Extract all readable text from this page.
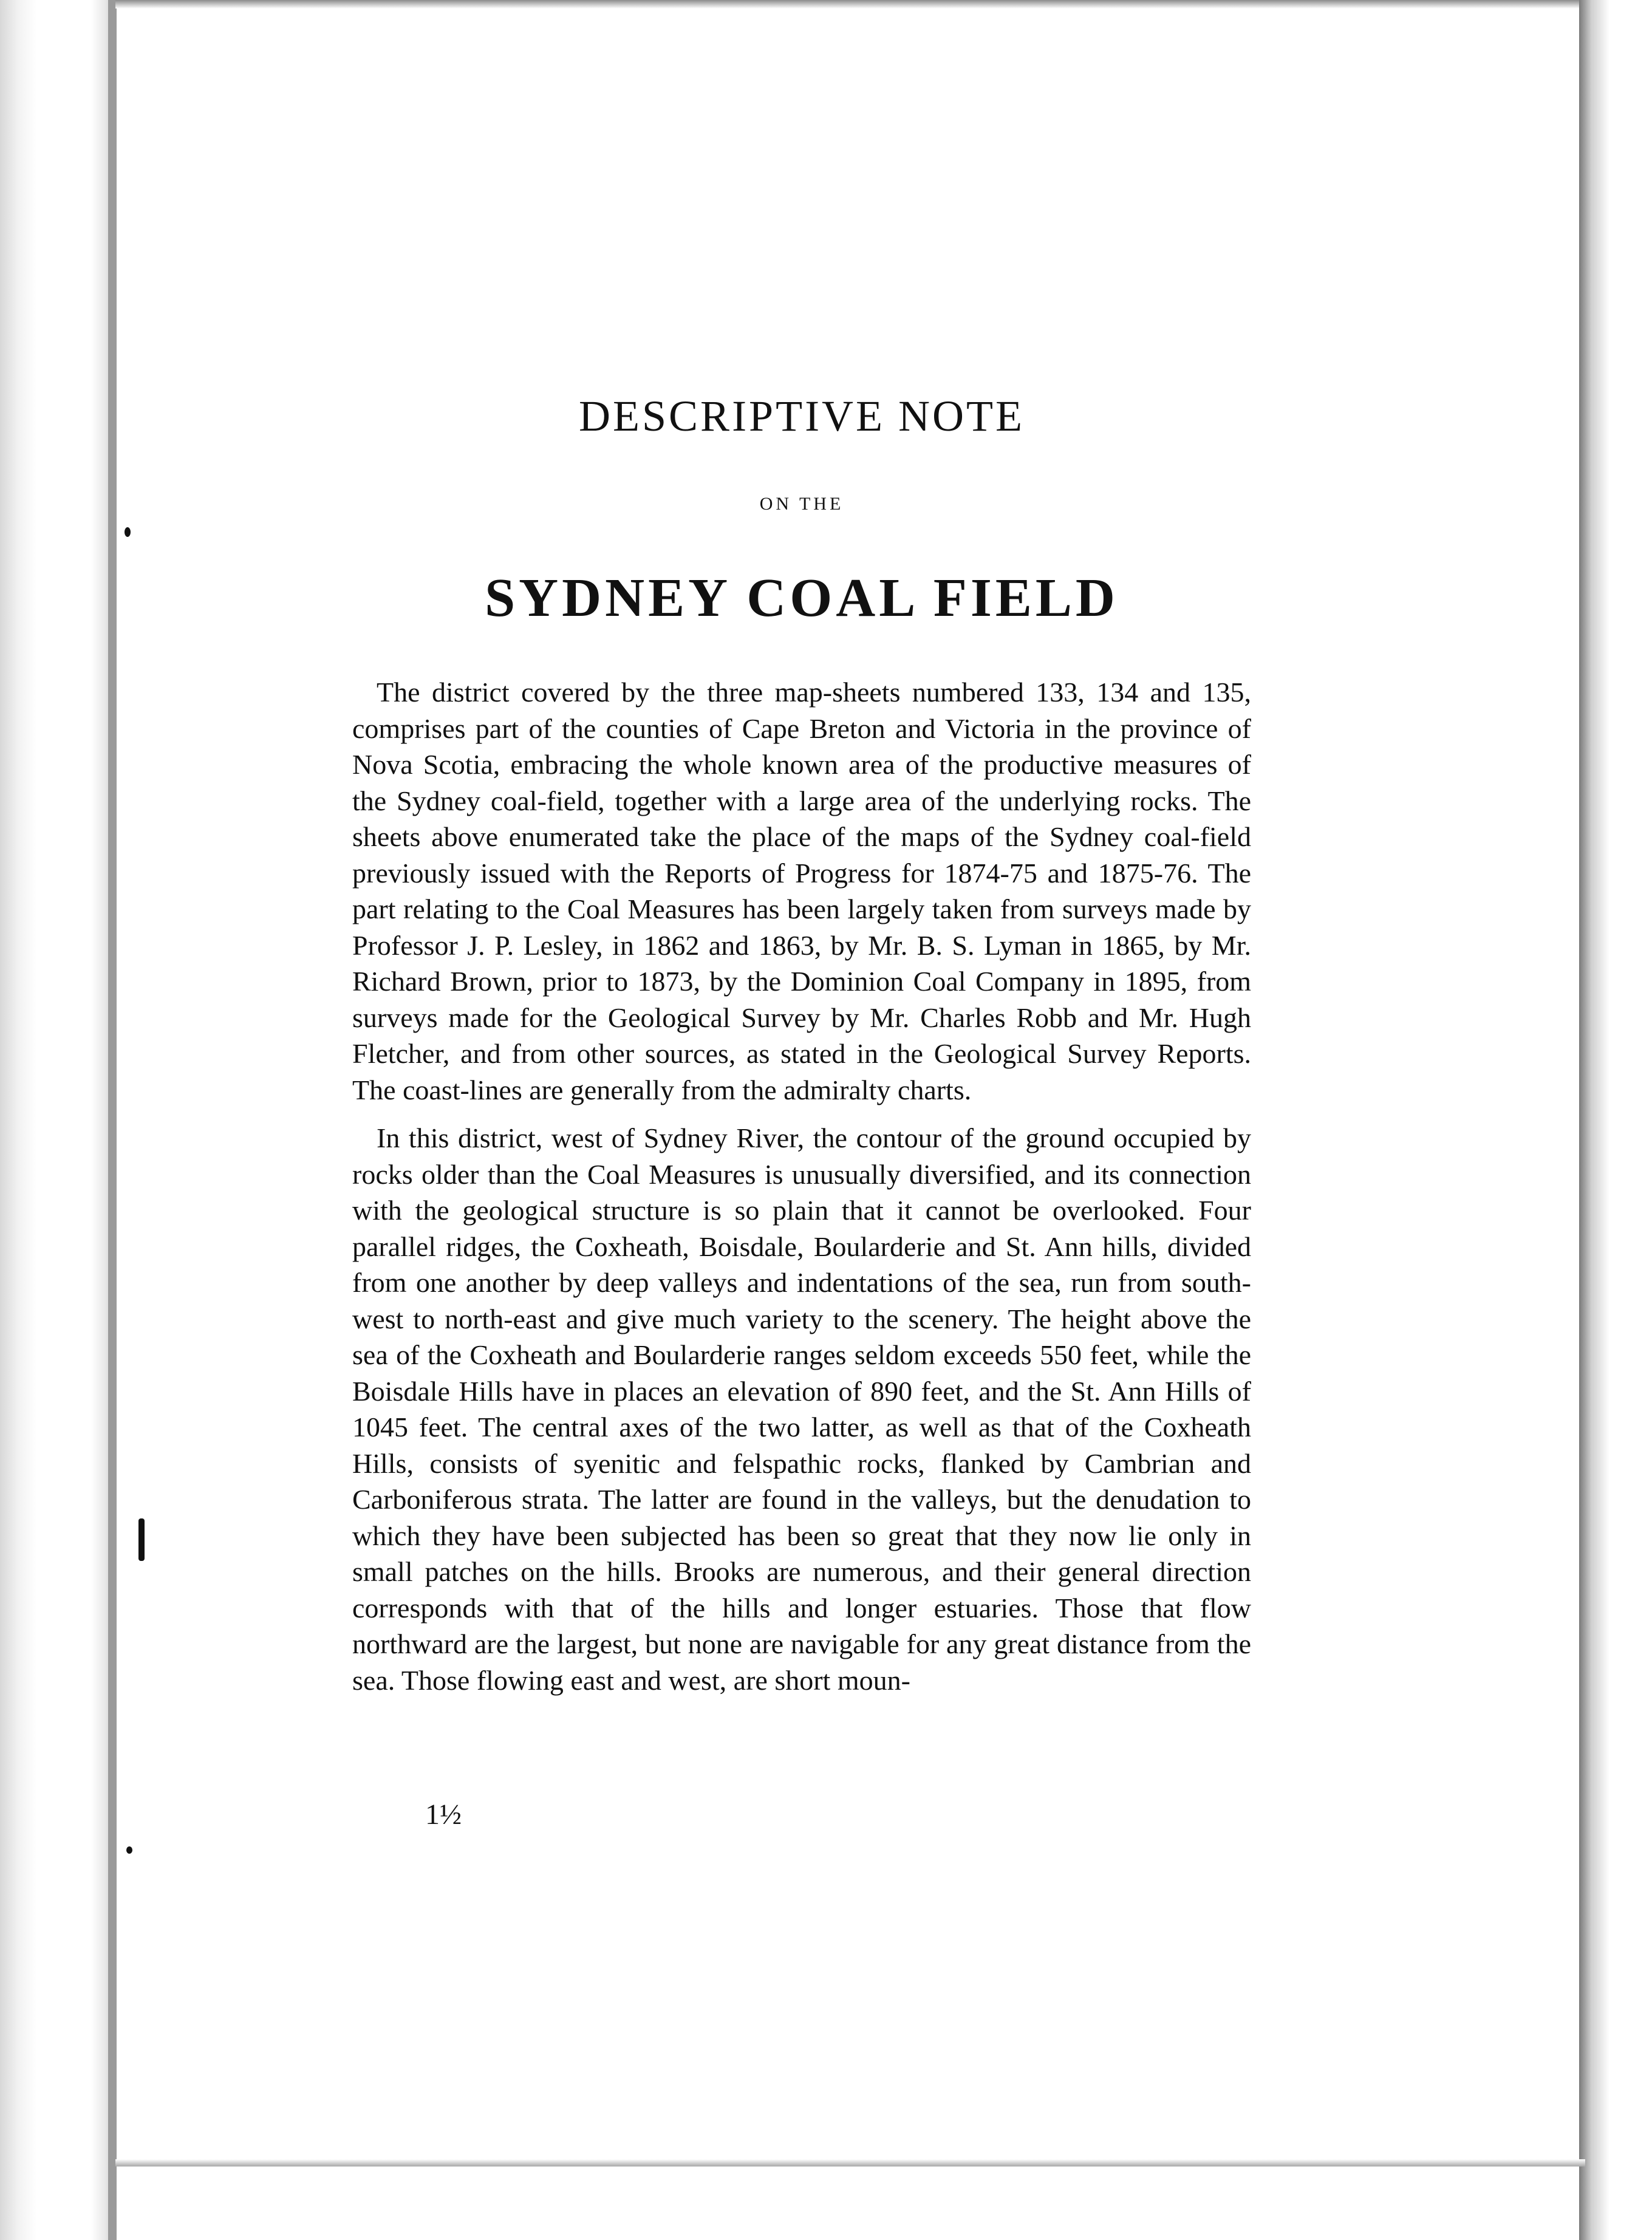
DESCRIPTIVE NOTE
ON THE
SYDNEY COAL FIELD

The district covered by the three map-sheets numbered 133, 134 and 135, comprises part of the counties of Cape Breton and Victoria in the province of Nova Scotia, embracing the whole known area of the productive measures of the Sydney coal-field, together with a large area of the underlying rocks. The sheets above enumerated take the place of the maps of the Sydney coal-field previously issued with the Reports of Progress for 1874-75 and 1875-76. The part relating to the Coal Measures has been largely taken from surveys made by Professor J. P. Lesley, in 1862 and 1863, by Mr. B. S. Lyman in 1865, by Mr. Richard Brown, prior to 1873, by the Dominion Coal Company in 1895, from surveys made for the Geological Survey by Mr. Charles Robb and Mr. Hugh Fletcher, and from other sources, as stated in the Geological Survey Reports. The coast-lines are generally from the admiralty charts.

In this district, west of Sydney River, the contour of the ground occupied by rocks older than the Coal Measures is unusually diversified, and its connection with the geological structure is so plain that it cannot be overlooked. Four parallel ridges, the Coxheath, Boisdale, Boularderie and St. Ann hills, divided from one another by deep valleys and indentations of the sea, run from south-west to north-east and give much variety to the scenery. The height above the sea of the Coxheath and Boularderie ranges seldom exceeds 550 feet, while the Boisdale Hills have in places an elevation of 890 feet, and the St. Ann Hills of 1045 feet. The central axes of the two latter, as well as that of the Coxheath Hills, consists of syenitic and felspathic rocks, flanked by Cambrian and Carboniferous strata. The latter are found in the valleys, but the denudation to which they have been subjected has been so great that they now lie only in small patches on the hills. Brooks are numerous, and their general direction corresponds with that of the hills and longer estuaries. Those that flow northward are the largest, but none are navigable for any great distance from the sea. Those flowing east and west, are short moun-

1½
